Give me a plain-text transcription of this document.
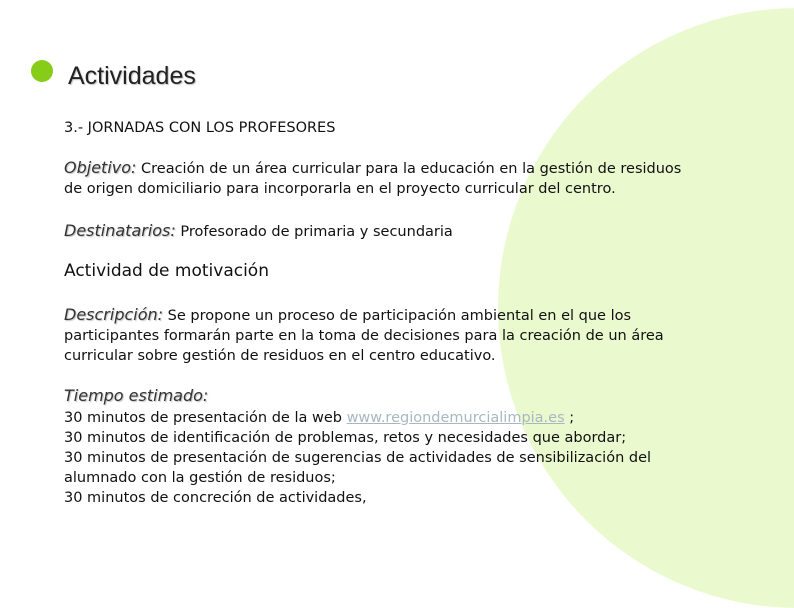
Actividades
3.- JORNADAS CON LOS PROFESORES
Objetivo: Creación de un área curricular para la educación en la gestión de residuos
de origen domiciliario para incorporarla en el proyecto curricular del centro.
Destinatarios: Profesorado de primaria y secundaria
Actividad de motivación
Descripción: Se propone un proceso de participación ambiental en el que los
participantes formarán parte en la toma de decisiones para la creación de un área
curricular sobre gestión de residuos en el centro educativo.
Tiempo estimado:
30 minutos de presentación de la web www.regiondemurcialimpia.es ;
30 minutos de identificación de problemas, retos y necesidades que abordar;
30 minutos de presentación de sugerencias de actividades de sensibilización del
alumnado con la gestión de residuos;
30 minutos de concreción de actividades,
